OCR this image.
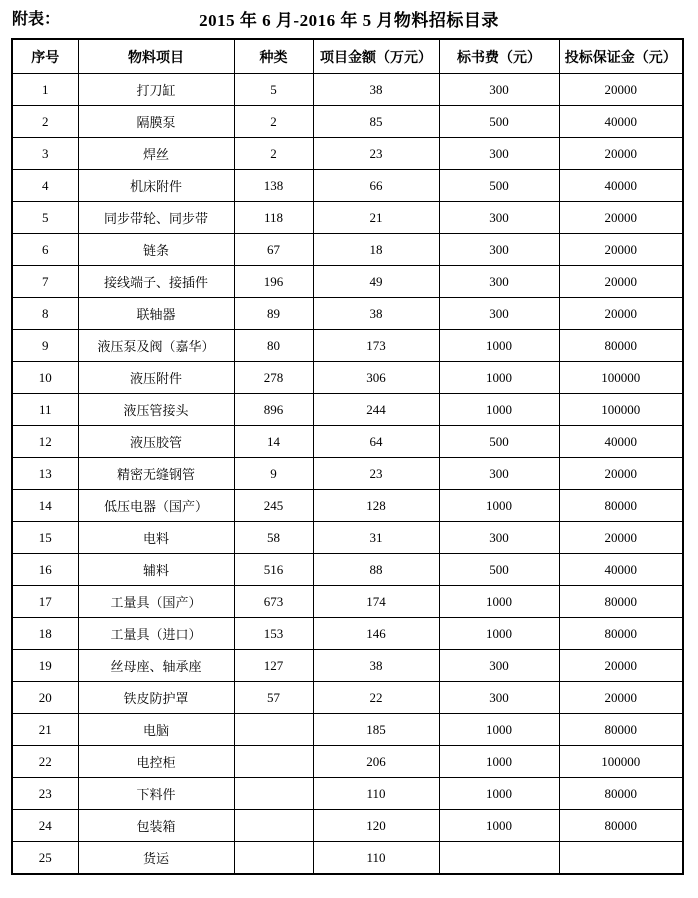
附表：	2015 年 6 月-2016 年 5 月物料招标目录
序号	物料项目	种类	项目金额（万元）	标书费（元）	投标保证金（元）
1	打刀缸	5	38	300	20000
2	隔膜泵	2	85	500	40000
3	焊丝	2	23	300	20000
4	机床附件	138	66	500	40000
5	同步带轮、同步带	118	21	300	20000
6	链条	67	18	300	20000
7	接线端子、接插件	196	49	300	20000
8	联轴器	89	38	300	20000
9	液压泵及阀（嘉华）	80	173	1000	80000
10	液压附件	278	306	1000	100000
11	液压管接头	896	244	1000	100000
12	液压胶管	14	64	500	40000
13	精密无缝钢管	9	23	300	20000
14	低压电器（国产）	245	128	1000	80000
15	电料	58	31	300	20000
16	辅料	516	88	500	40000
17	工量具（国产）	673	174	1000	80000
18	工量具（进口）	153	146	1000	80000
19	丝母座、轴承座	127	38	300	20000
20	铁皮防护罩	57	22	300	20000
21	电脑		185	1000	80000
22	电控柜		206	1000	100000
23	下料件		110	1000	80000
24	包装箱		120	1000	80000
25	货运		110		
